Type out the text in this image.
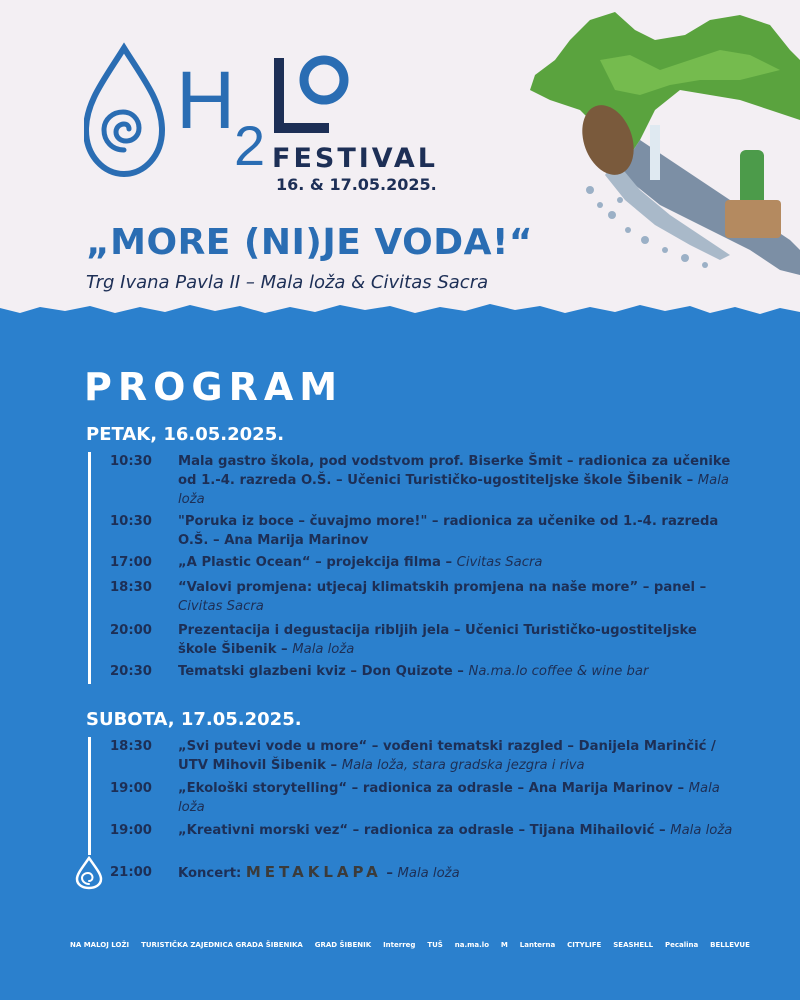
H
2 FESTIVAL
16. & 17.05.2025.
„MORE (NI)JE VODA!“
Trg Ivana Pavla II – Mala loža & Civitas Sacra
PROGRAM
PETAK, 16.05.2025.
10:30	Mala gastro škola, pod vodstvom prof. Biserke Šmit – radionica za učenike od 1.-4. razreda O.Š. – Učenici Turističko-ugostiteljske škole Šibenik – Mala loža
10:30	"Poruka iz boce – čuvajmo more!" – radionica za učenike od 1.-4. razreda O.Š. – Ana Marija Marinov
17:00	„A Plastic Ocean“ – projekcija filma – Civitas Sacra
18:30	“Valovi promjena: utjecaj klimatskih promjena na naše more” – panel – Civitas Sacra
20:00	Prezentacija i degustacija ribljih jela – Učenici Turističko-ugostiteljske škole Šibenik – Mala loža
20:30	Tematski glazbeni kviz – Don Quizote – Na.ma.lo coffee & wine bar
SUBOTA, 17.05.2025.
18:30	„Svi putevi vode u more“ – vođeni tematski razgled – Danijela Marinčić / UTV Mihovil Šibenik – Mala loža, stara gradska jezgra i riva
19:00	„Ekološki storytelling“ – radionica za odrasle – Ana Marija Marinov – Mala loža
19:00	„Kreativni morski vez“ – radionica za odrasle – Tijana Mihailović – Mala loža
21:00	Koncert: METAKLAPA – Mala loža
NA MALOJ LOŽI TURISTIČKA ZAJEDNICA GRADA ŠIBENIKA GRAD ŠIBENIK Interreg TUŠ na.ma.lo M Lanterna CITYLIFE SEASHELL Pecalina BELLEVUE
